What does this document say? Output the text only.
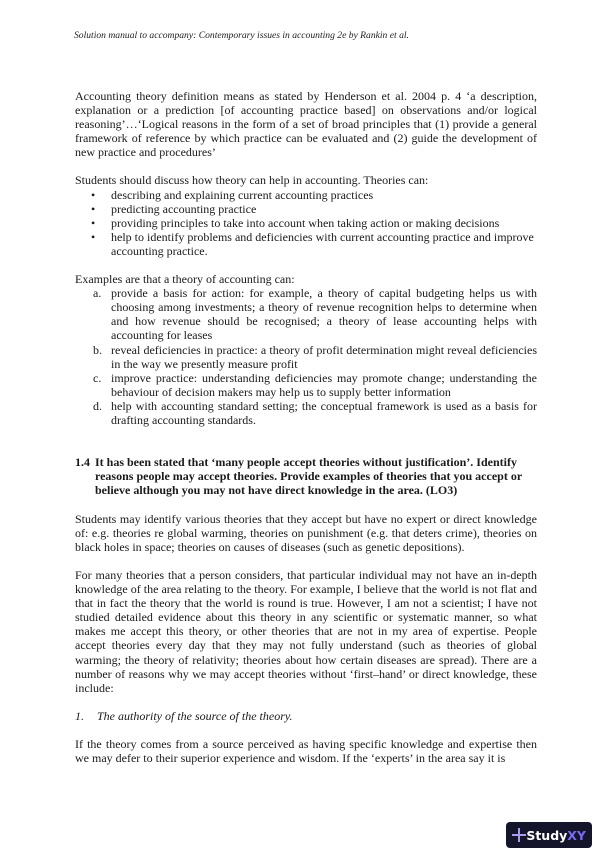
Solution manual to accompany: Contemporary issues in accounting 2e by Rankin et al.

Accounting theory definition means as stated by Henderson et al. 2004 p. 4 ‘a description, explanation or a prediction [of accounting practice based] on observations and/or logical reasoning’…‘Logical reasons in the form of a set of broad principles that (1) provide a general framework of reference by which practice can be evaluated and (2) guide the development of new practice and procedures’

Students should discuss how theory can help in accounting. Theories can:

• describing and explaining current accounting practices
• predicting accounting practice
• providing principles to take into account when taking action or making decisions
• help to identify problems and deficiencies with current accounting practice and improve accounting practice.

Examples are that a theory of accounting can:

a. provide a basis for action: for example, a theory of capital budgeting helps us with choosing among investments; a theory of revenue recognition helps to determine when and how revenue should be recognised; a theory of lease accounting helps with accounting for leases
b. reveal deficiencies in practice: a theory of profit determination might reveal deficiencies in the way we presently measure profit
c. improve practice: understanding deficiencies may promote change; understanding the behaviour of decision makers may help us to supply better information
d. help with accounting standard setting; the conceptual framework is used as a basis for drafting accounting standards.
1.4 It has been stated that ‘many people accept theories without justification’. Identify reasons people may accept theories. Provide examples of theories that you accept or believe although you may not have direct knowledge in the area. (LO3)

Students may identify various theories that they accept but have no expert or direct knowledge of: e.g. theories re global warming, theories on punishment (e.g. that deters crime), theories on black holes in space; theories on causes of diseases (such as genetic depositions).

For many theories that a person considers, that particular individual may not have an in-depth knowledge of the area relating to the theory. For example, I believe that the world is not flat and that in fact the theory that the world is round is true. However, I am not a scientist; I have not studied detailed evidence about this theory in any scientific or systematic manner, so what makes me accept this theory, or other theories that are not in my area of expertise. People accept theories every day that they may not fully understand (such as theories of global warming; the theory of relativity; theories about how certain diseases are spread). There are a number of reasons why we may accept theories without ‘first–hand’ or direct knowledge, these include:

1. The authority of the source of the theory.

If the theory comes from a source perceived as having specific knowledge and expertise then we may defer to their superior experience and wisdom. If the ‘experts’ in the area say it is

StudyXY
